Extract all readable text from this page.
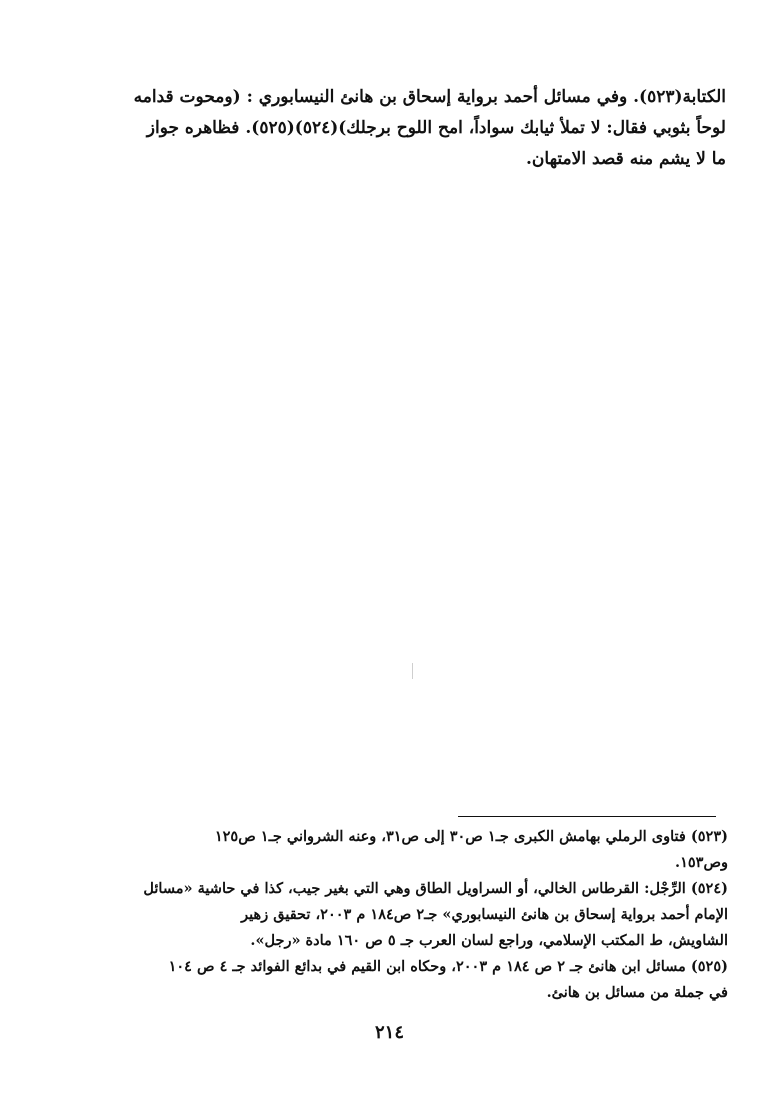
الكتابة(٥٢٣). وفي مسائل أحمد برواية إسحاق بن هانئ النيسابوري : (ومحوت قدامه
لوحاً بثوبي فقال: لا تملأ ثيابك سواداً، امح اللوح برجلك)(٥٢٤)(٥٢٥). فظاهره جواز
ما لا يشم منه قصد الامتهان.
(٥٢٣) فتاوى الرملي بهامش الكبرى جـ١ ص٣٠ إلى ص٣١، وعنه الشرواني جـ١ ص١٢٥
وص١٥٣.
(٥٢٤) الرِّجْل: القرطاس الخالي، أو السراويل الطاق وهي التي بغير جيب، كذا في حاشية «مسائل
الإمام أحمد برواية إسحاق بن هانئ النيسابوري» جـ٢ ص١٨٤ م ٢٠٠٣، تحقيق زهير
الشاويش، ط المكتب الإسلامي، وراجع لسان العرب جـ ٥ ص ١٦٠ مادة «رجل».
(٥٢٥) مسائل ابن هانئ جـ ٢ ص ١٨٤ م ٢٠٠٣، وحكاه ابن القيم في بدائع الفوائد جـ ٤ ص ١٠٤
في جملة من مسائل بن هانئ.
٢١٤
